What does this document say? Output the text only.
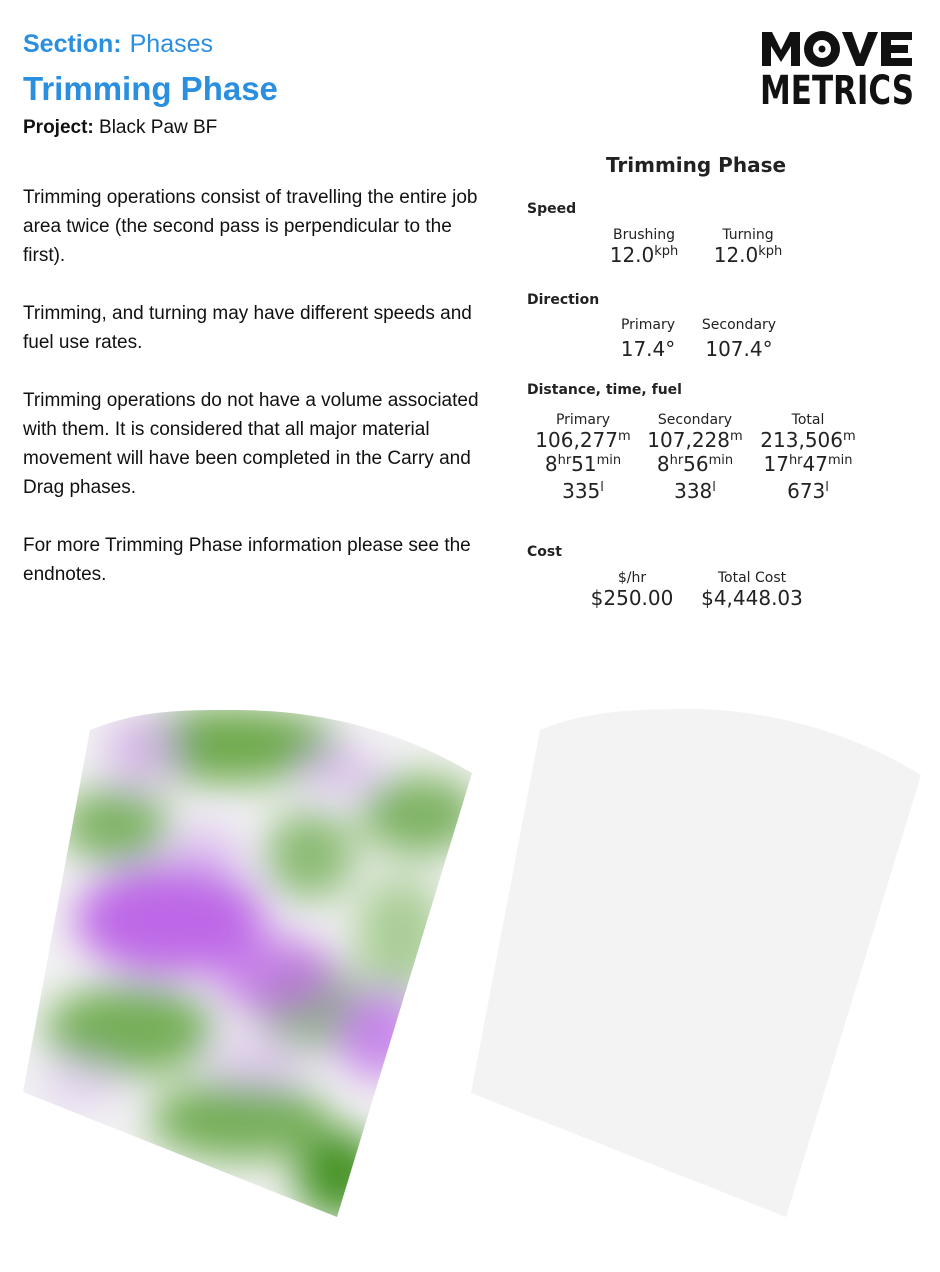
Section: Phases
Trimming Phase
Project: Black Paw BF
METRICS

Trimming operations consist of travelling the entire job area twice (the second pass is perpendicular to the first).

Trimming, and turning may have different speeds and fuel use rates.

Trimming operations do not have a volume associated with them. It is considered that all major material movement will have been completed in the Carry and Drag phases.

For more Trimming Phase information please see the endnotes.

Trimming Phase
Speed
Brushing
$12.0^{kph}$
Turning
$12.0^{kph}$
Direction
Primary
17.4°
Secondary
107.4°
Distance, time, fuel
Primary
106,277$^m$
$8^{hr}51^{min}$
335$^l$
Secondary
107,228$^m$
$8^{hr}56^{min}$
338$^l$
Total
213,506$^m$
$17^{hr}47^{min}$
673$^l$
Cost
$/hr
$250.00
Total Cost
$4,448.03
